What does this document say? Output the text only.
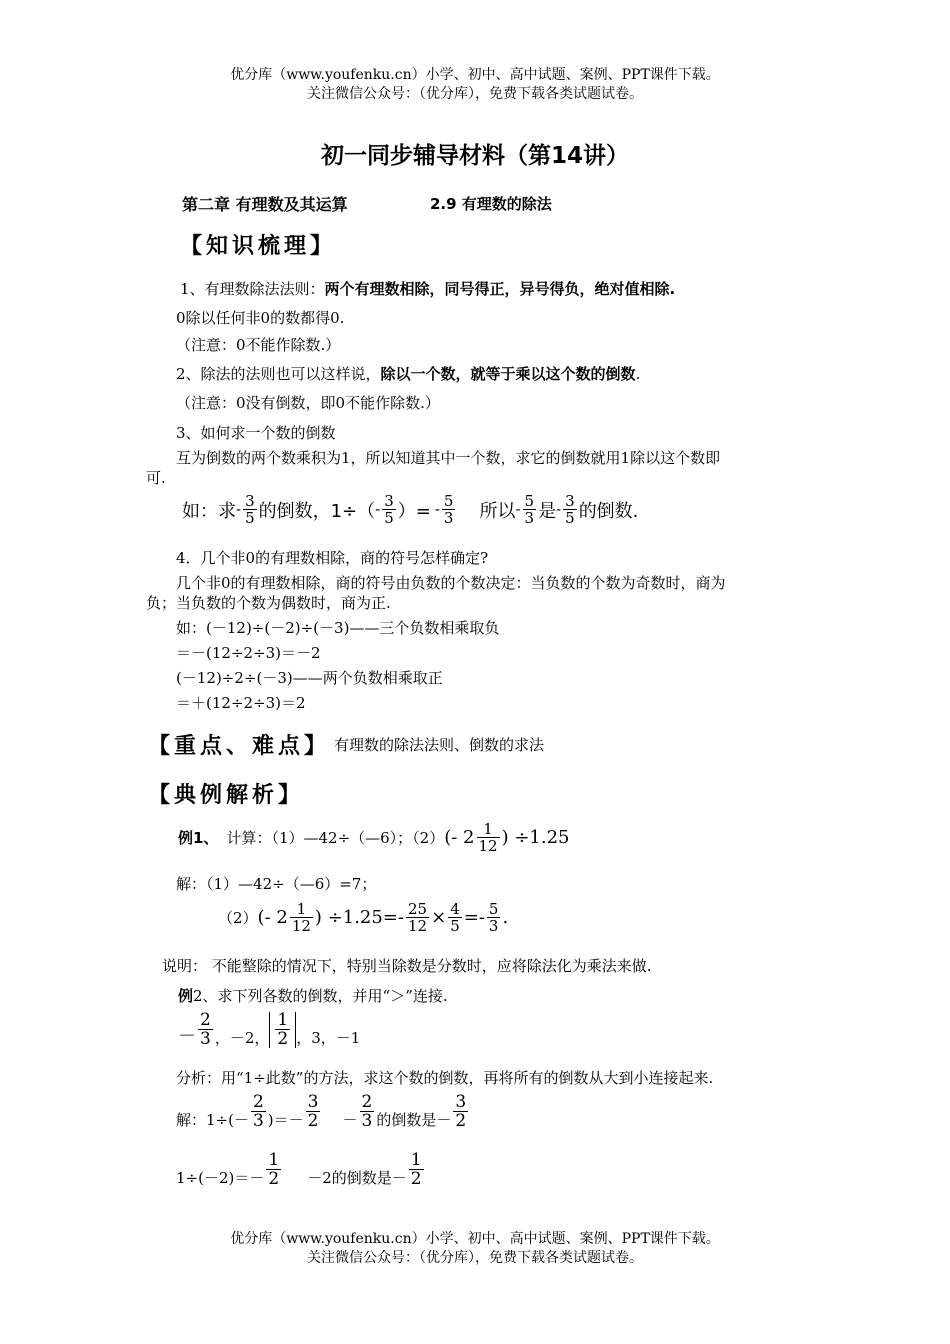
优分库（www.youfenku.cn）小学、初中、高中试题、案例、PPT课件下载。
关注微信公众号：（优分库），免费下载各类试题试卷。
初一同步辅导材料（第14讲）
第二章 有理数及其运算	2.9 有理数的除法
【知识梳理】
1、有理数除法法则：两个有理数相除，同号得正，异号得负，绝对值相除.
0除以任何非0的数都得0.
（注意：0不能作除数.）
2、除法的法则也可以这样说，除以一个数，就等于乘以这个数的倒数.
（注意：0没有倒数，即0不能作除数.）
3、如何求一个数的倒数
互为倒数的两个数乘积为1，所以知道其中一个数，求它的倒数就用1除以这个数即
可.
如：求 - $\frac{3}{5}$ 的倒数，$1\div( - \frac{3}{5}$ ）= - $\frac{5}{3}$ 所以 - $\frac{5}{3}$ 是 - $\frac{3}{5}$ 的倒数.
4．几个非0的有理数相除，商的符号怎样确定?
几个非0的有理数相除，商的符号由负数的个数决定：当负数的个数为奇数时，商为
负；当负数的个数为偶数时，商为正.
如：(－12)÷(－2)÷(－3)——三个负数相乘取负
＝－(12÷2÷3)＝－2
(－12)÷2÷(－3)——两个负数相乘取正
＝＋(12÷2÷3)＝2
【重点、难点】 有理数的除法法则、倒数的求法
【典例解析】
例1、 计算：（1）—42÷（—6）；（2） (- $2 \frac{1}{12}$ ) ÷1.25
解：（1）—42÷（—6）=7；
（2） (- $2 \frac{1}{12}$ ) $\div 1.25=- \frac{25}{12} \times \frac{4}{5} =- \frac{5}{3}$ .
说明： 不能整除的情况下，特别当除数是分数时，应将除法化为乘法来做.
例2、求下列各数的倒数，并用“＞”连接.
－ $\frac{2}{3}$ ，－2， $\frac{1}{2}$ ，3，－1
分析：用“1÷此数”的方法，求这个数的倒数，再将所有的倒数从大到小连接起来.
解：$1\div(- \frac{2}{3}$ )＝－ $\frac{3}{2} - \frac{2}{3}$ 的倒数是－ $\frac{3}{2}$
$1\div(-2)=- \frac{1}{2} -2$的倒数是－ $\frac{1}{2}$
优分库（www.youfenku.cn）小学、初中、高中试题、案例、PPT课件下载。
关注微信公众号：（优分库），免费下载各类试题试卷。
